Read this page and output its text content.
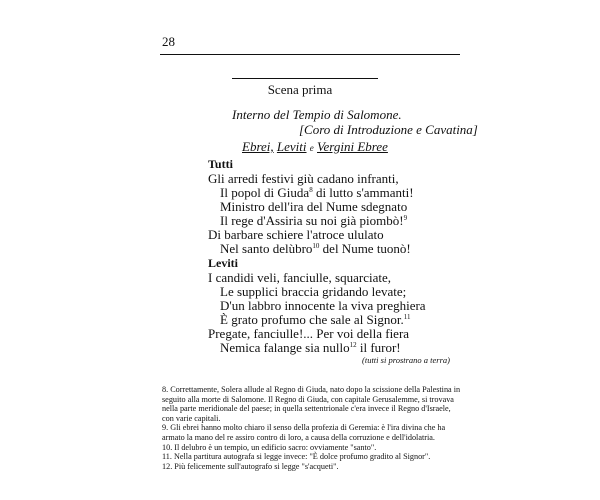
28
Scena prima
Interno del Tempio di Salomone.
[Coro di Introduzione e Cavatina]
Ebrei, Leviti e Vergini Ebree
Tutti
Gli arredi festivi giù cadano infranti,
Il popol di Giuda$^8$ di lutto s'ammanti!
Ministro dell'ira del Nume sdegnato
Il rege d'Assiria su noi già piombò!$^9$
Di barbare schiere l'atroce ululato
Nel santo delùbro$^{10}$ del Nume tuonò!
Leviti
I candidi veli, fanciulle, squarciate,
Le supplici braccia gridando levate;
D'un labbro innocente la viva preghiera
È grato profumo che sale al Signor.$^{11}$
Pregate, fanciulle!... Per voi della fiera
Nemica falange sia nullo$^{12}$ il furor!
(tutti si prostrano a terra)

8. Correttamente, Solera allude al Regno di Giuda, nato dopo la scissione della Palestina in seguito alla morte di Salomone. Il Regno di Giuda, con capitale Gerusalemme, si trovava nella parte meridionale del paese; in quella settentrionale c'era invece il Regno d'Israele, con varie capitali.

9. Gli ebrei hanno molto chiaro il senso della profezia di Geremia: è l'ira divina che ha armato la mano del re assiro contro di loro, a causa della corruzione e dell'idolatria.

10. Il delubro è un tempio, un edificio sacro: ovviamente "santo".

11. Nella partitura autografa si legge invece: "È dolce profumo gradito al Signor".

12. Più felicemente sull'autografo si legge "s'acqueti".
